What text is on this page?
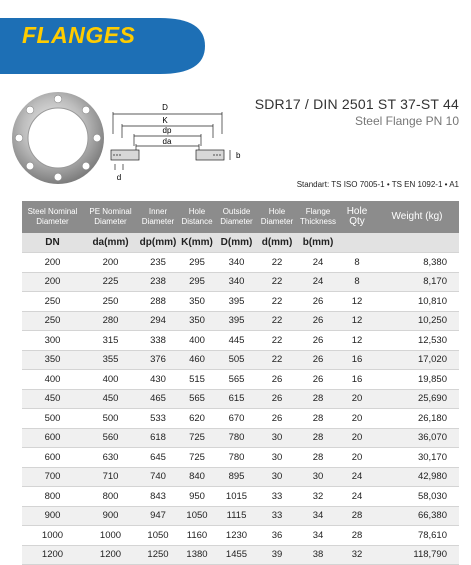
FLANGES
D
K
dp
da
b
d
SDR17 / DIN 2501 ST 37-ST 44
Steel Flange PN 10
Standart: TS ISO 7005-1 • TS EN 1092-1 • A1
Steel Nominal Diameter	PE Nominal Diameter	Inner Diameter	Hole Distance	Outside Diameter	Hole Diameter	Flange Thickness	Hole Qty	Weight (kg)
DN	da(mm)	dp(mm)	K(mm)	D(mm)	d(mm)	b(mm)		
200	200	235	295	340	22	24	8	8,380
200	225	238	295	340	22	24	8	8,170
250	250	288	350	395	22	26	12	10,810
250	280	294	350	395	22	26	12	10,250
300	315	338	400	445	22	26	12	12,530
350	355	376	460	505	22	26	16	17,020
400	400	430	515	565	26	26	16	19,850
450	450	465	565	615	26	28	20	25,690
500	500	533	620	670	26	28	20	26,180
600	560	618	725	780	30	28	20	36,070
600	630	645	725	780	30	28	20	30,170
700	710	740	840	895	30	30	24	42,980
800	800	843	950	1015	33	32	24	58,030
900	900	947	1050	1115	33	34	28	66,380
1000	1000	1050	1160	1230	36	34	28	78,610
1200	1200	1250	1380	1455	39	38	32	118,790
